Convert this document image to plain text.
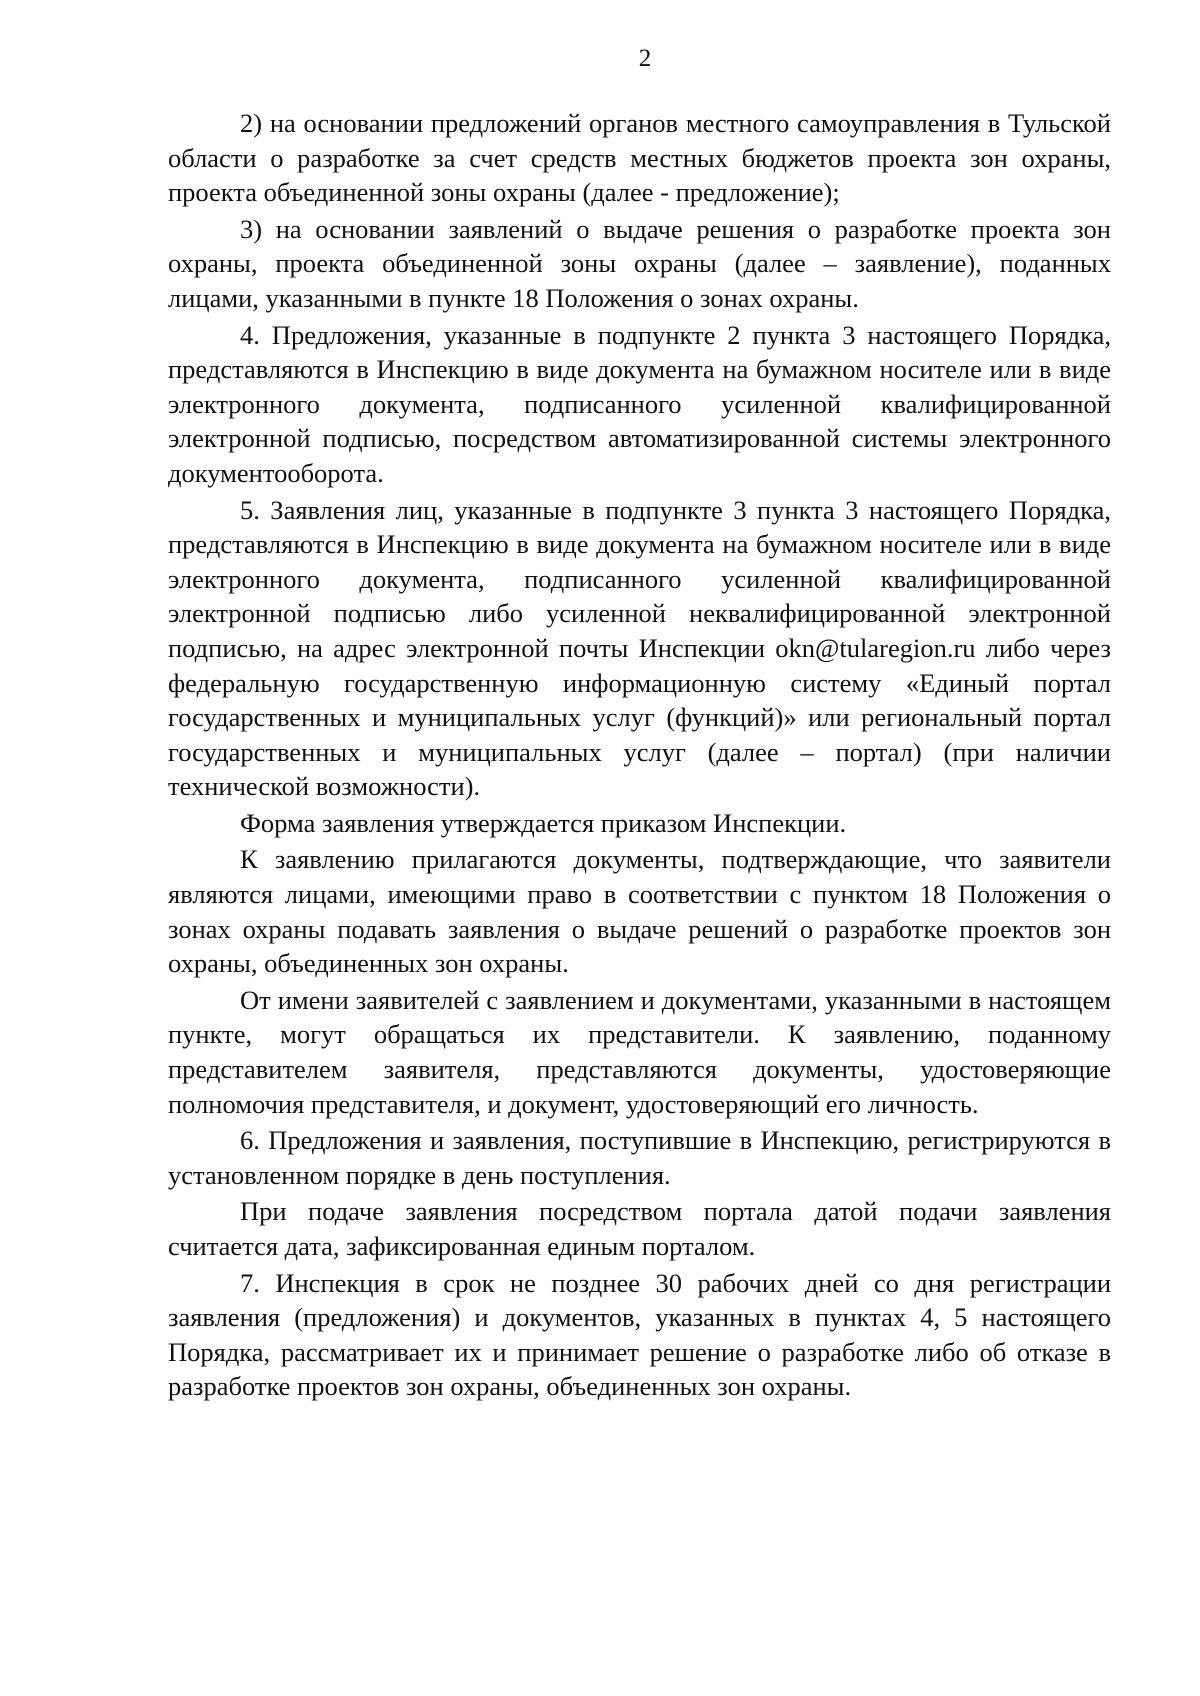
2

2) на основании предложений органов местного самоуправления в Тульской области о разработке за счет средств местных бюджетов проекта зон охраны, проекта объединенной зоны охраны (далее - предложение);

3) на основании заявлений о выдаче решения о разработке проекта зон охраны, проекта объединенной зоны охраны (далее – заявление), поданных лицами, указанными в пункте 18 Положения о зонах охраны.

4. Предложения, указанные в подпункте 2 пункта 3 настоящего Порядка, представляются в Инспекцию в виде документа на бумажном носителе или в виде электронного документа, подписанного усиленной квалифицированной электронной подписью, посредством автоматизированной системы электронного документооборота.

5. Заявления лиц, указанные в подпункте 3 пункта 3 настоящего Порядка, представляются в Инспекцию в виде документа на бумажном носителе или в виде электронного документа, подписанного усиленной квалифицированной электронной подписью либо усиленной неквалифицированной электронной подписью, на адрес электронной почты Инспекции okn@tularegion.ru либо через федеральную государственную информационную систему «Единый портал государственных и муниципальных услуг (функций)» или региональный портал государственных и муниципальных услуг (далее – портал) (при наличии технической возможности).

Форма заявления утверждается приказом Инспекции.

К заявлению прилагаются документы, подтверждающие, что заявители являются лицами, имеющими право в соответствии с пунктом 18 Положения о зонах охраны подавать заявления о выдаче решений о разработке проектов зон охраны, объединенных зон охраны.

От имени заявителей с заявлением и документами, указанными в настоящем пункте, могут обращаться их представители. К заявлению, поданному представителем заявителя, представляются документы, удостоверяющие полномочия представителя, и документ, удостоверяющий его личность.

6. Предложения и заявления, поступившие в Инспекцию, регистрируются в установленном порядке в день поступления.

При подаче заявления посредством портала датой подачи заявления считается дата, зафиксированная единым порталом.

7. Инспекция в срок не позднее 30 рабочих дней со дня регистрации заявления (предложения) и документов, указанных в пунктах 4, 5 настоящего Порядка, рассматривает их и принимает решение о разработке либо об отказе в разработке проектов зон охраны, объединенных зон охраны.
